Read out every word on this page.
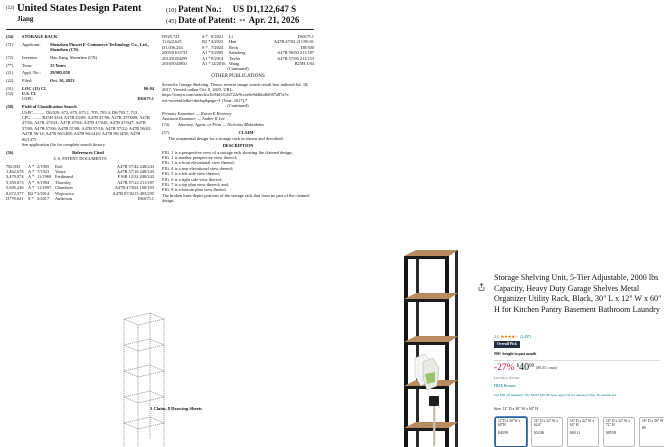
(12) United States Design Patent
Jiang
(10) Patent No.: US D1,122,647 S
(45) Date of Patent: ** Apr. 21, 2026
(54)	STORAGE RACK
(71)	Applicant:	Shenzhen Pinwei E-Commerce Technology Co., Ltd., Shenzhen (CN)
(72)	Inventor:	Hao Jiang, Shenzhen (CN)
(**)	Term:	15 Years
(21)	Appl. No.:	29/905,058
(22)	Filed:	Oct. 16, 2023
(51)	LOC (15) Cl.	06-04
(52)	U.S. Cl.
USPC	D6/675.1
(58)	Field of Classification Search
USPC .......... D6/329, 672, 675, 675.1, 705, 705.4, D6/705.7, 712
CPC ......... B25H 3/04; A47B 45/00; A47B 47/00; A47B 47/0008; A47B 47/02; A47B 47/021; A47B 47/04; A47B 47/045; A47B 47/047; A47B 57/00; A47B 57/06; A47B 57/08; A47B 57/18; A47B 57/22; A47B 96/02; A47B 96/14; A47B 96/1408; A47B 96/1416; A47B 96/1458; A47B 96/1475
See application file for complete search history.
(56)	References Cited
U.S. PATENT DOCUMENTS
782,035	A * 2/1905	Keil	A47B 57/42 248/243
1,462,678	A * 7/1923	Vance	A47B 57/16 248/243
3,479,974	A * 11/1969 Ferdinand	F16B 12/32 248/243
5,350,073	A * 9/1994	Thornley	A47B 57/22 211/187
5,685,236	A * 11/1997 Chambers	A47B 47/024 108/193
8,672,577	B2 * 3/2014	Wojtowicz	A47B 87/0215 403/295
D778,641	S * 2/2017	Anderson	D6/675.1
D928,722	S * 8/2021	Li	D6/675.1
11,622,625	B2 * 4/2023	Han	A47B 47/02 211/90.01
D1,036,244	S * 7/2024	Beck	D8/300
2005/0103733	A1 * 5/2005	Saltzberg	A47B 96/00 211/187
2014/0284299	A1 * 9/2014	Taylor	A47B 57/06 211/153
2016/0348831	A1 * 12/2016 Wang	B25H 3/04
(Continued)
OTHER PUBLICATIONS
Screwfix Garage Shelving. Tinsyu reverse image search result first indexed Jul. 18, 2017. Viewed online Oct. 8, 2025. URL: https://tinsyu.com/search/a1b94d1f12d722e9ccfa6e9d4bbd6f087a87a7e. ext=screenfix&e=dncbq&page=1 (Year: 2017).*
(Continued)
Primary Examiner — Karen E Kearney
Assistant Examiner — Amber R Lee
(74)	Attorney, Agent, or Firm — Nicholas Makridakis
(57)	CLAIM
The ornamental design for a storage rack as shown and described.
DESCRIPTION
FIG. 1 is a perspective view of a storage rack showing the claimed design;
FIG. 2 is another perspective view thereof;
FIG. 3 is a front elevational view thereof;
FIG. 4 is a rear elevational view thereof;
FIG. 5 is a left side view thereof;
FIG. 6 is a right side view thereof;
FIG. 7 is a top plan view thereof; and,
FIG. 8 is a bottom plan view thereof.
The broken lines depict portions of the storage rack that form no part of the claimed design.
1 Claim, 8 Drawing Sheets
Storage Shelving Unit, 5-Tier Adjustable, 2000 lbs Capacity, Heavy Duty Garage Shelves Metal Organizer Utility Rack, Black, 30" L x 12" W x 60" H for Kitchen Pantry Basement Bathroom Laundry
4.4 ★★★★☆ (2,497)
Overall Pick
900+ bought in past month
-27% $ 40 99 ($8.20 / count)
List Price: $55.99
FREE Returns
Get $50 off instantly: Pay $0.00 $40.99 upon approval for Amazon Visa. No annual fee.
Size: 12" D x 30" W x 60" H
12"D x 30"W x 60"H
$40.99
16" D x 32" W x 62.8"
$52.86
16" D x 32" W x 63" H
$69.11
16" D x 32" W x 72" H
$85.90
16" D x 36" W
$9
